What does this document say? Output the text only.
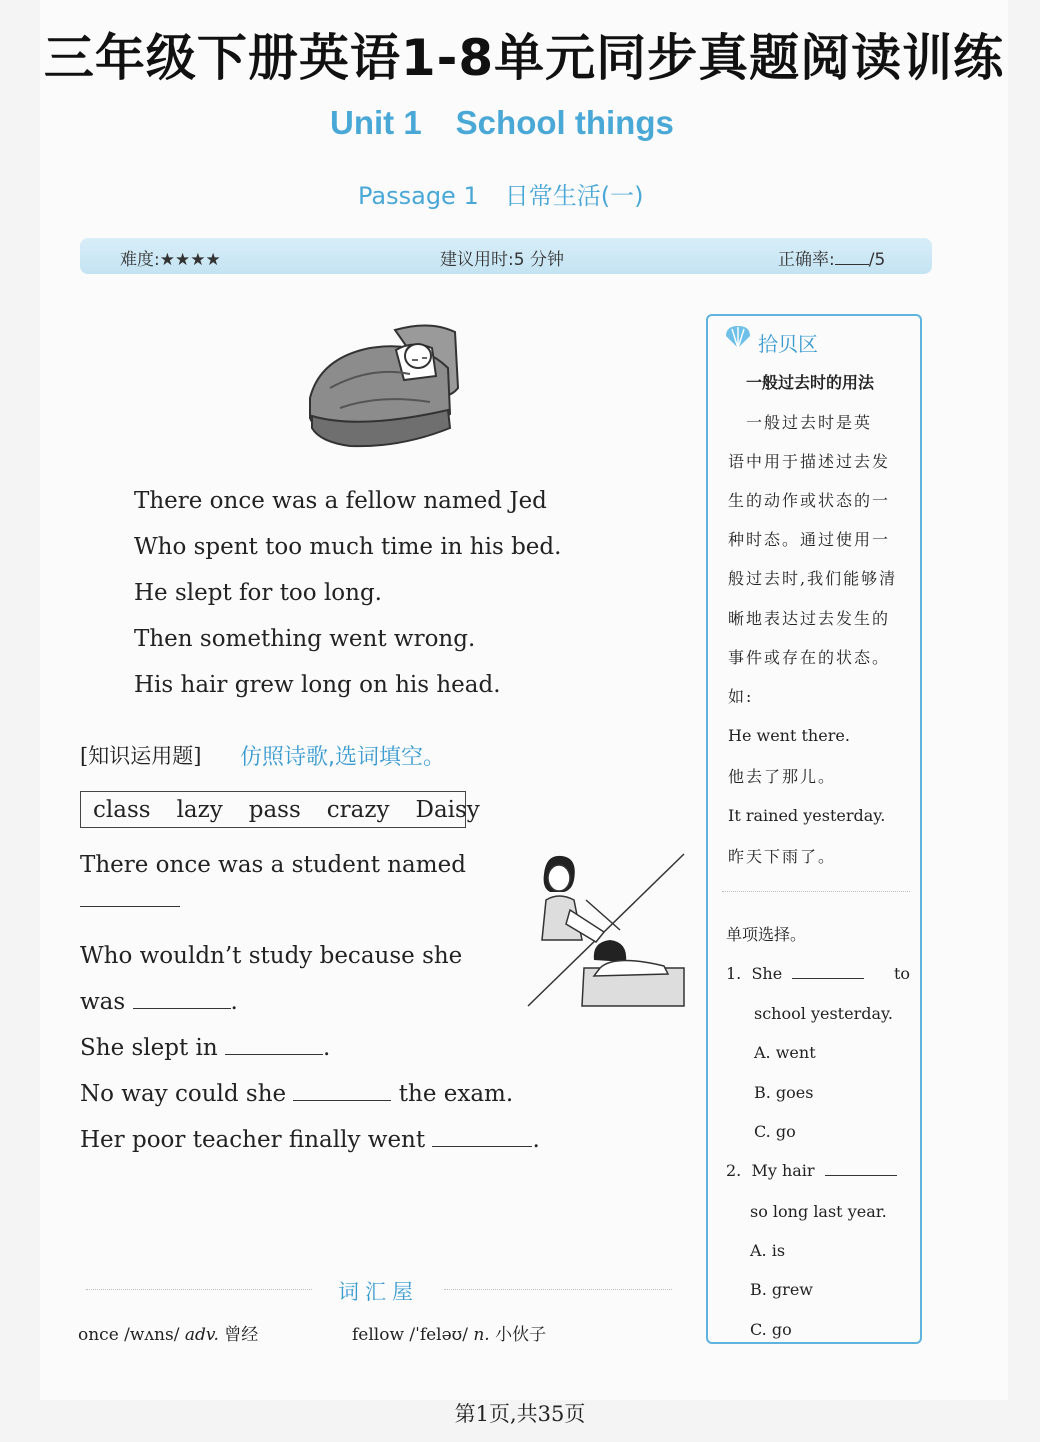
三年级下册英语1-8单元同步真题阅读训练
Unit 1 School things
Passage 1 日常生活(一)
难度:★★★★	建议用时:5 分钟	正确率: /5
There once was a fellow named Jed
Who spent too much time in his bed.
He slept for too long.
Then something went wrong.
His hair grew long on his head.
[知识运用题] 仿照诗歌,选词填空。
class lazy pass crazy Daisy
There once was a student named
Who wouldn’t study because she
was	.
She slept in	.
No way could she	the exam.
Her poor teacher finally went	.
拾贝区
一般过去时的用法
　一般过去时是英
语中用于描述过去发
生的动作或状态的一
种时态。通过使用一
般过去时,我们能够清
晰地表达过去发生的
事件或存在的状态。
如:
He went there.
他去了那儿。
It rained yesterday.
昨天下雨了。
单项选择。
1. She	to
school yesterday.
A. went
B. goes
C. go
2. My hair
so long last year.
A. is
B. grew
C. go
词汇屋
once /wʌns/ adv. 曾经	fellow /ˈfeləʊ/ n. 小伙子
第1页,共35页
